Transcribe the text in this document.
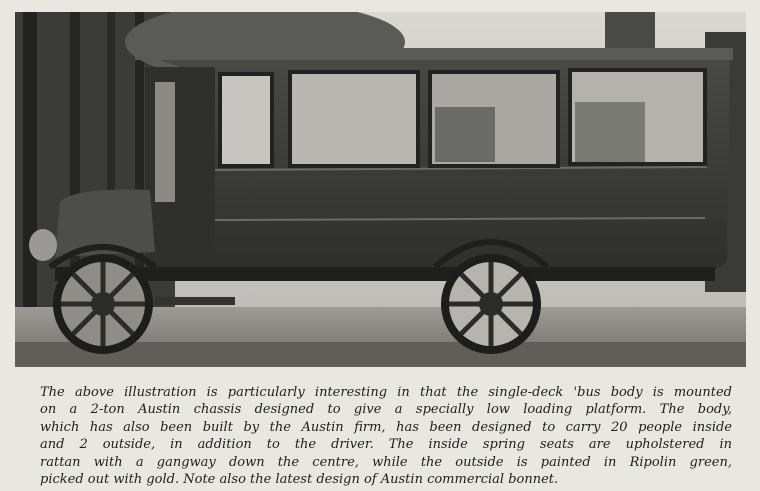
The above illustration is particularly interesting in that the single-deck 'bus body is mounted
on a 2-ton Austin chassis designed to give a specially low loading platform. The body,
which has also been built by the Austin firm, has been designed to carry 20 people inside
and 2 outside, in addition to the driver. The inside spring seats are upholstered in
rattan with a gangway down the centre, while the outside is painted in Ripolin green,
picked out with gold. Note also the latest design of Austin commercial bonnet.
